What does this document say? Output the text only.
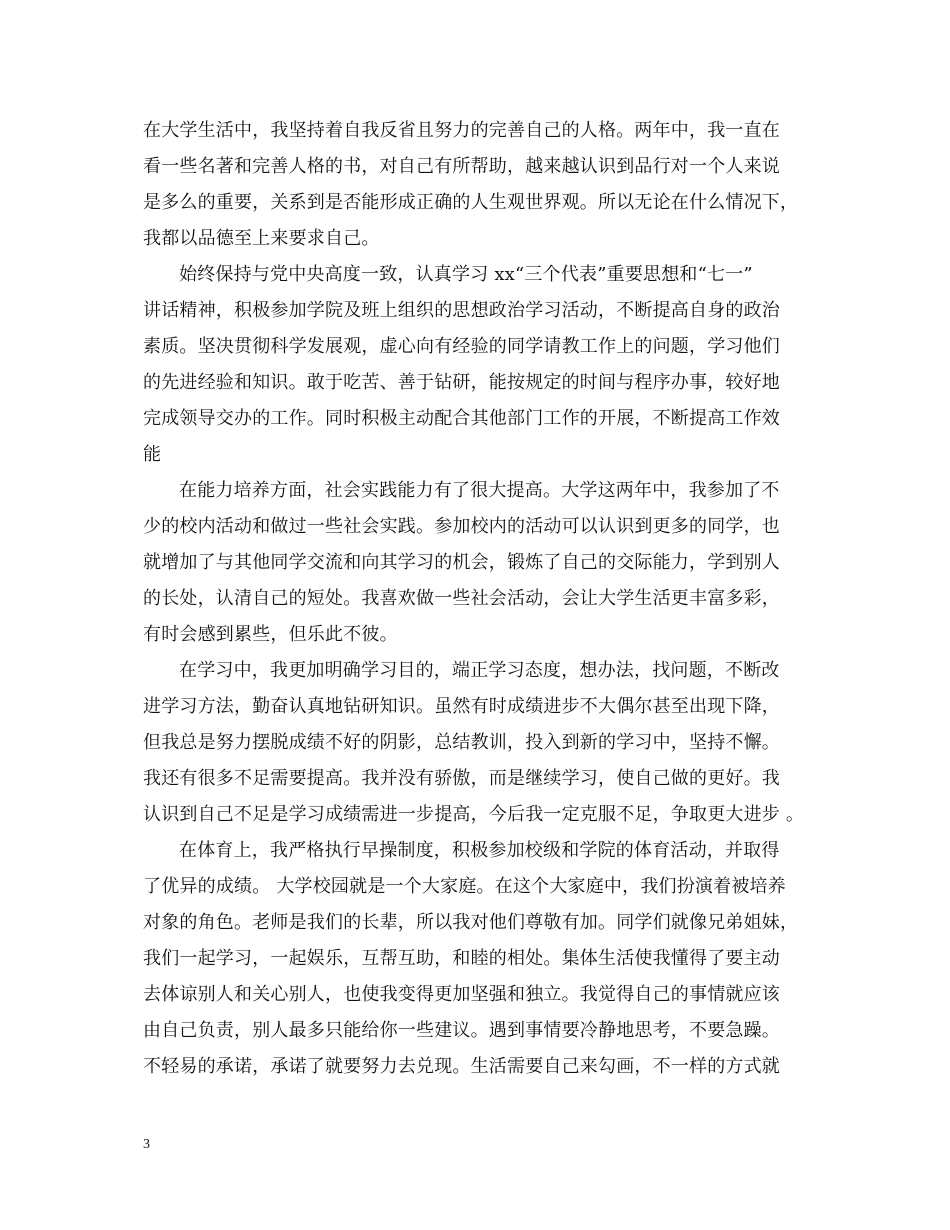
在大学生活中，我坚持着自我反省且努力的完善自己的人格。两年中，我一直在
看一些名著和完善人格的书，对自己有所帮助，越来越认识到品行对一个人来说
是多么的重要，关系到是否能形成正确的人生观世界观。所以无论在什么情况下，
我都以品德至上来要求自己。
始终保持与党中央高度一致，认真学习 xx“三个代表”重要思想和“七一”
讲话精神，积极参加学院及班上组织的思想政治学习活动，不断提高自身的政治
素质。坚决贯彻科学发展观，虚心向有经验的同学请教工作上的问题，学习他们
的先进经验和知识。敢于吃苦、善于钻研，能按规定的时间与程序办事，较好地
完成领导交办的工作。同时积极主动配合其他部门工作的开展，不断提高工作效
能
在能力培养方面，社会实践能力有了很大提高。大学这两年中，我参加了不
少的校内活动和做过一些社会实践。参加校内的活动可以认识到更多的同学，也
就增加了与其他同学交流和向其学习的机会，锻炼了自己的交际能力，学到别人
的长处，认清自己的短处。我喜欢做一些社会活动，会让大学生活更丰富多彩，
有时会感到累些，但乐此不彼。
在学习中，我更加明确学习目的，端正学习态度，想办法，找问题，不断改
进学习方法，勤奋认真地钻研知识。虽然有时成绩进步不大偶尔甚至出现下降，
但我总是努力摆脱成绩不好的阴影，总结教训，投入到新的学习中，坚持不懈。
我还有很多不足需要提高。我并没有骄傲，而是继续学习，使自己做的更好。我
认识到自己不足是学习成绩需进一步提高，今后我一定克服不足，争取更大进步 。
在体育上，我严格执行早操制度，积极参加校级和学院的体育活动，并取得
了优异的成绩。 大学校园就是一个大家庭。在这个大家庭中，我们扮演着被培养
对象的角色。老师是我们的长辈，所以我对他们尊敬有加。同学们就像兄弟姐妹，
我们一起学习，一起娱乐，互帮互助，和睦的相处。集体生活使我懂得了要主动
去体谅别人和关心别人，也使我变得更加坚强和独立。我觉得自己的事情就应该
由自己负责，别人最多只能给你一些建议。遇到事情要冷静地思考，不要急躁。
不轻易的承诺，承诺了就要努力去兑现。生活需要自己来勾画，不一样的方式就
3
